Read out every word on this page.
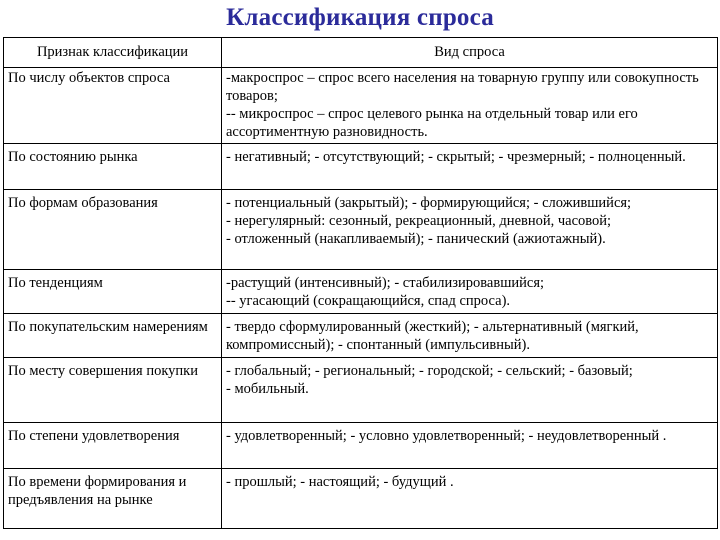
Классификация спроса
Признак классификации	Вид спроса
По числу объектов спроса	-макроспрос – спрос всего населения на товарную группу или совокупность товаров;
-- микроспрос – спрос целевого рынка на отдельный товар или его ассортиментную разновидность.

По состоянию рынка	- негативный; - отсутствующий; - скрытый; - чрезмерный; - полноценный.

По формам образования	- потенциальный (закрытый); - формирующийся; - сложившийся;
- нерегулярный: сезонный, рекреационный, дневной, часовой;
- отложенный (накапливаемый); - панический (ажиотажный).

По тенденциям	-растущий (интенсивный); - стабилизировавшийся;
-- угасающий (сокращающийся, спад спроса).

По покупательским намерениям	- твердо сформулированный (жесткий); - альтернативный (мягкий, компромиссный); - спонтанный (импульсивный).

По месту совершения покупки	- глобальный; - региональный; - городской; - сельский; - базовый;
- мобильный.

По степени удовлетворения	- удовлетворенный; - условно удовлетворенный; - неудовлетворенный .

По времени формирования и предъявления на рынке	- прошлый; - настоящий; - будущий .
